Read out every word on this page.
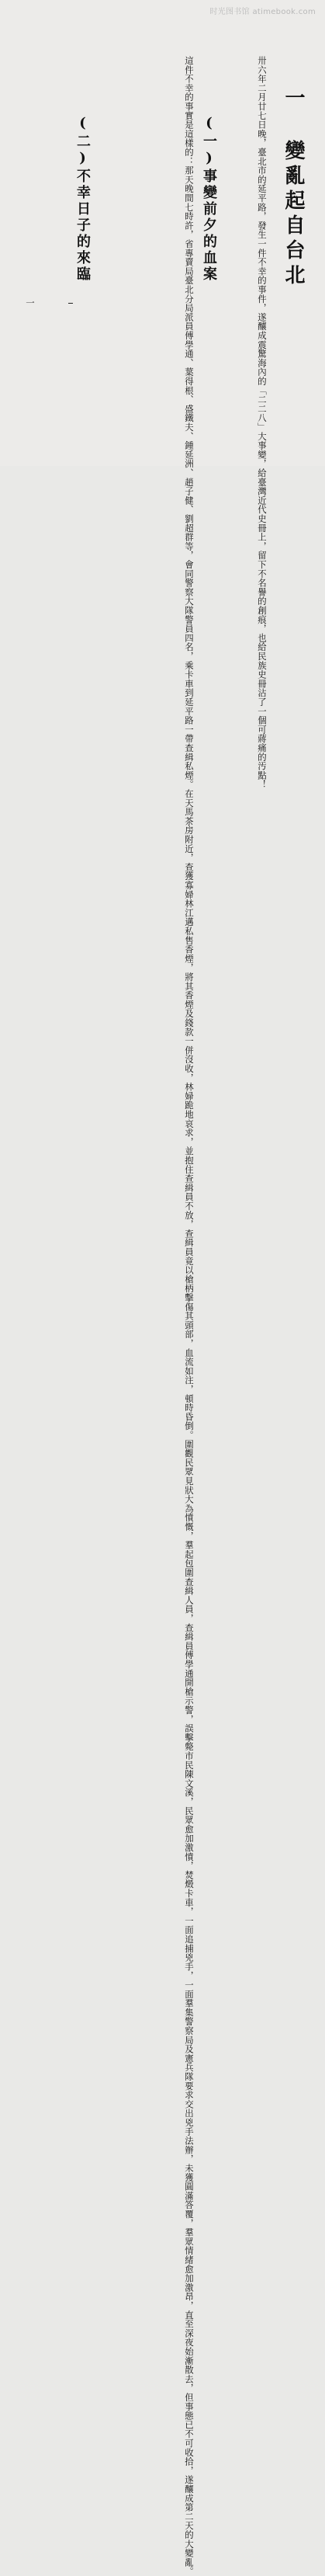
时光图书馆 atimebook.com
一 變亂起自台北
卅六年二月廿七日晚，臺北市的延平路，發生一件不幸的事件，遂釀成震驚海內的「二二八」大事變，給臺灣近代史冊上，留下不名譽的創痕，也給民族史冊沾了一個可蔣痛的汚點！
(一)事變前夕的血案
這件不幸的事實是這樣的：那天晚間七時許，省專賣局臺北分局派員傅學通、葉得根、盛鐵夫、鍾延洲、趙子健、劉超群等，會同警察大隊警員四名，乘卡車到延平路一帶查緝私煙。在天馬茶房附近，查獲寡婦林江邁私售香煙，將其香煙及錢款一併沒收，林婦跪地哀求，並抱住查緝員不放，查緝員竟以槍柄擊傷其頭部，血流如注，頓時昏倒。圍觀民眾見狀大為憤慨，羣起包圍查緝人員，查緝員傅學通開槍示警，誤擊斃市民陳文溪，民眾愈加激憤，焚燬卡車，一面追捕兇手，一面羣集警察局及憲兵隊要求交出兇手法辦，未獲圓滿答覆，羣眾情緒愈加激昂，直至深夜始漸散去，但事態已不可收拾，遂釀成第二天的大變亂。
(二)不幸日子的來臨
一
